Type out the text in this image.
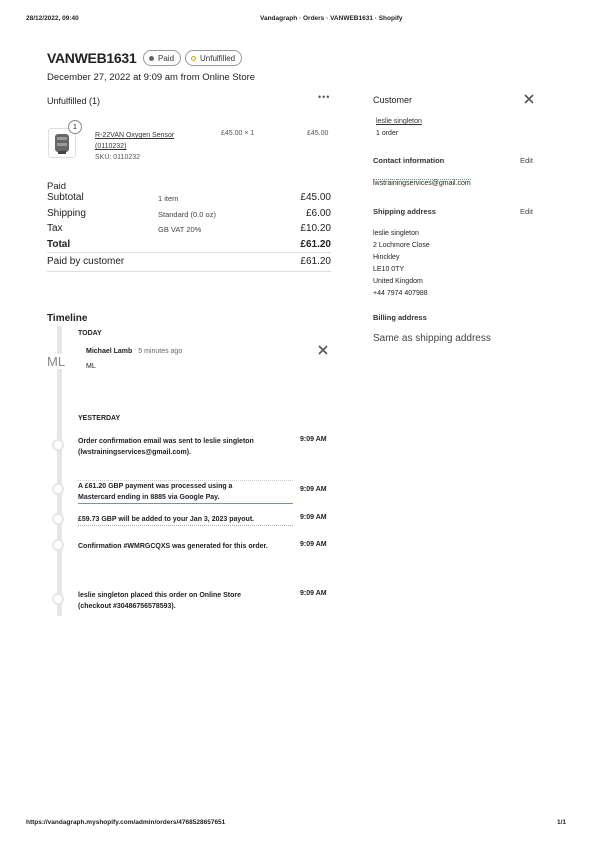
28/12/2022, 09:40	Vandagraph · Orders · VANWEB1631 · Shopify
VANWEB1631	Paid	Unfulfilled
December 27, 2022 at 9:09 am from Online Store
Unfulfilled (1)	•••
1
R-22VAN Oxygen Sensor
(0110232)
SKU: 0110232
£45.00 × 1	£45.00
Paid
Subtotal	1 item	£45.00
Shipping	Standard (0.0 oz)	£6.00
Tax	GB VAT 20%	£10.20
Total	£61.20
Paid by customer	£61.20
Timeline
TODAY
ML
Michael Lamb 5 minutes ago
ML
YESTERDAY
Order confirmation email was sent to leslie singleton
(lwstrainingservices@gmail.com).
9:09 AM
A £61.20 GBP payment was processed using a
Mastercard ending in 8885 via Google Pay.
9:09 AM
£59.73 GBP will be added to your Jan 3, 2023 payout.	9:09 AM
Confirmation #WMRGCQXS was generated for this order.	9:09 AM
leslie singleton placed this order on Online Store
(checkout #30486756578593).
9:09 AM
Customer
leslie singleton
1 order
Contact information	Edit
lwstrainingservices@gmail.com
Shipping address	Edit
leslie singleton
2 Lochmore Close
Hinckley
LE10 0TY
United Kingdom
+44 7974 407988
Billing address
Same as shipping address
https://vandagraph.myshopify.com/admin/orders/4768528657651	1/1
